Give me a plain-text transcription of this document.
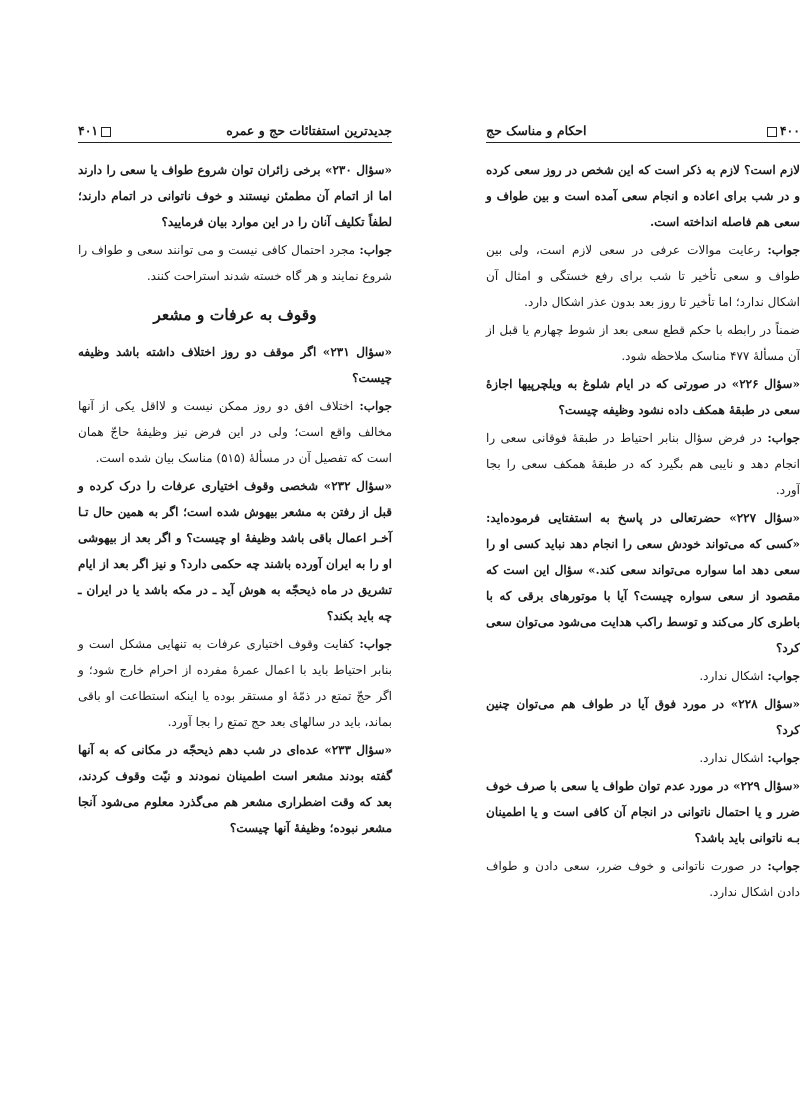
جدیدترین استفتائات حج و عمره
۴۰۱

«سؤال ۲۳۰» برخی زائران توان شروع طواف یا سعی را دارند اما از اتمام آن مطمئن نیستند و خوف ناتوانی در اتمام دارند؛ لطفاً تکلیف آنان را در این موارد بیان فرمایید؟

جواب: مجرد احتمال کافی نیست و می توانند سعی و طواف را شروع نمایند و هر گاه خسته شدند استراحت کنند.

وقوف به عرفات و مشعر

«سؤال ۲۳۱» اگر موقف دو روز اختلاف داشته باشد وظیفه چیست؟

جواب: اختلاف افق دو روز ممکن نیست و لااقل یکی از آنها مخالف واقع است؛ ولی در این فرض نیز وظیفهٔ حاجّ همان است که تفصیل آن در مسألهٔ (۵۱۵) مناسک بیان شده است.

«سؤال ۲۳۲» شخصی وقوف اختیاری عرفات را درک کرده و قبل از رفتن به مشعر بیهوش شده است؛ اگر به همین حال تـا آخـر اعمال باقی باشد وظیفهٔ او چیست؟ و اگر بعد از بیهوشی او را به ایران آورده باشند چه حکمی دارد؟ و نیز اگر بعد از ایام تشریق در ماه ذیحجّه به هوش آید ـ در مکه باشد یا در ایران ـ چه باید بکند؟

جواب: کفایت وقوف اختیاری عرفات به تنهایی مشکل است و بنابر احتیاط باید با اعمال عمرهٔ مفرده از احرام خارج شود؛ و اگر حجّ تمتع در ذمّهٔ او مستقر بوده یا اینکه استطاعت او باقی بماند، باید در سالهای بعد حج تمتع را بجا آورد.

«سؤال ۲۳۳» عده‌ای در شب دهم ذیحجّه در مکانی که به آنها گفته بودند مشعر است اطمینان نمودند و نیّت وقوف کردند، بعد که وقت اضطراری مشعر هم می‌گذرد معلوم می‌شود آنجا مشعر نبوده؛ وظیفهٔ آنها چیست؟

۴۰۰
احکام و مناسک حج

لازم است؟ لازم به ذکر است که این شخص در روز سعی کرده و در شب برای اعاده و انجام سعی آمده است و بین طواف و سعی هم فاصله انداخته است.

جواب: رعایت موالات عرفی در سعی لازم است، ولی بین طواف و سعی تأخیر تا شب برای رفع خستگی و امثال آن اشکال ندارد؛ اما تأخیر تا روز بعد بدون عذر اشکال دارد.

ضمناً در رابطه با حکم قطع سعی بعد از شوط چهارم یا قبل از آن مسألهٔ ۴۷۷ مناسک ملاحظه شود.

«سؤال ۲۲۶» در صورتی که در ایام شلوغ به ویلچرپیها اجازهٔ سعی در طبقهٔ همکف داده نشود وظیفه چیست؟

جواب: در فرض سؤال بنابر احتیاط در طبقهٔ فوقانی سعی را انجام دهد و نایبی هم بگیرد که در طبقهٔ همکف سعی را بجا آورد.

«سؤال ۲۲۷» حضرتعالی در پاسخ به استفتایی فرموده‌اید: «کسی که می‌تواند خودش سعی را انجام دهد نباید کسی او را سعی دهد اما سواره می‌تواند سعی کند.» سؤال این است که مقصود از سعی سواره چیست؟ آیا با موتورهای برقی که با باطری کار می‌کند و توسط راکب هدایت می‌شود می‌توان سعی کرد؟

جواب: اشکال ندارد.

«سؤال ۲۲۸» در مورد فوق آیا در طواف هم می‌توان چنین کرد؟

جواب: اشکال ندارد.

«سؤال ۲۲۹» در مورد عدم توان طواف یا سعی با صرف خوف ضرر و یا احتمال ناتوانی در انجام آن کافی است و یا اطمینان بـه ناتوانی باید باشد؟

جواب: در صورت ناتوانی و خوف ضرر، سعی دادن و طواف دادن اشکال ندارد.
